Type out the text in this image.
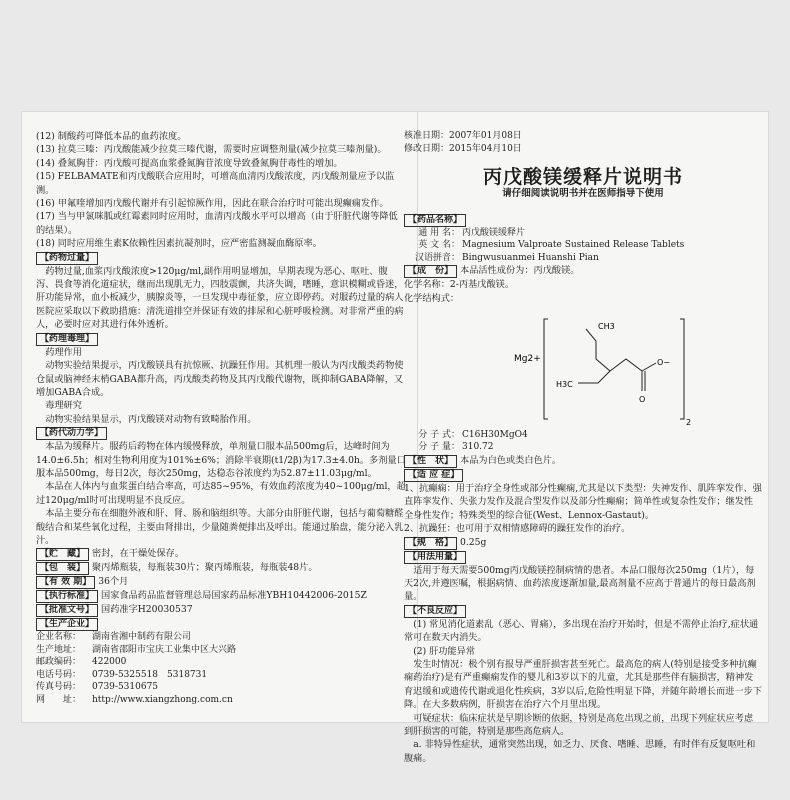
(12) 制酸药可降低本品的血药浓度。

(13) 拉莫三嗪：丙戊酸能减少拉莫三嗪代谢，需要时应调整剂量(减少拉莫三嗪剂量)。

(14) 叠氮胸苷：丙戊酸可提高血浆叠氮胸苷浓度导致叠氮胸苷毒性的增加。

(15) FELBAMATE和丙戊酸联合应用时，可增高血清丙戊酸浓度，丙戊酸剂量应予以监测。

(16) 甲氟喹增加丙戊酸代谢并有引起惊厥作用，因此在联合治疗时可能出现癫痫发作。

(17) 当与甲氯咪胍或红霉素同时应用时，血清丙戊酸水平可以增高（由于肝脏代谢等降低的结果）。

(18) 同时应用维生素K依赖性因素抗凝剂时，应严密监测凝血酶原率。

【药物过量】

药物过量,血浆丙戊酸浓度>120μg/ml,副作用明显增加，早期表现为恶心、呕吐、腹泻、畏食等消化道症状，继而出现肌无力，四肢震颤，共济失调，嗜睡，意识模糊或昏迷，肝功能异常，血小板减少，胰腺炎等，一旦发现中毒征象，应立即停药。对服药过量的病人医院应采取以下救助措施：清洗道排空并保证有效的排尿和心脏呼吸检测。对非常严重的病人，必要时应对其进行体外透析。

【药理毒理】

药理作用

动物实验结果提示，丙戊酸镁具有抗惊厥、抗躁狂作用。其机理一般认为丙戊酸类药物使仓鼠或脑神经末梢GABA都升高，丙戊酸类药物及其丙戊酸代谢物，既抑制GABA降解，又增加GABA合成。

毒理研究

动物实验结果显示，丙戊酸镁对动物有致畸胎作用。

【药代动力学】

本品为缓释片。服药后药物在体内缓慢释放，单剂量口服本品500mg后，达峰时间为14.0±6.5h；相对生物利用度为101%±6%；消除半衰期(t1/2β)为17.3±4.0h。多剂量口服本品500mg，每日2次，每次250mg，达稳态谷浓度约为52.87±11.03μg/ml。

本品在人体内与血浆蛋白结合率高，可达85~95%，有效血药浓度为40~100μg/ml，超过120μg/ml时可出现明显不良反应。

本品主要分布在细胞外液和肝、肾、肠和脑组织等。大部分由肝脏代谢，包括与葡萄糖醛酸结合和某些氧化过程，主要由肾排出，少量随粪便排出及呼出。能通过胎盘，能分泌入乳汁。

【贮　藏】 密封，在干燥处保存。

【包　装】 聚丙烯瓶装，每瓶装30片；聚丙烯瓶装，每瓶装48片。

【有 效 期】 36个月

【执行标准】 国家食品药品监督管理总局国家药品标准YBH10442006-2015Z

【批准文号】 国药准字H20030537

【生产企业】

企业名称：	湖南省湘中制药有限公司
生产地址：	湖南省邵阳市宝庆工业集中区大兴路
邮政编码：	422000
电话号码：	0739-5325518　5318731
传真号码：	0739-5310675
网　　址：	http://www.xiangzhong.com.cn
核准日期：2007年01月08日
修改日期：2015年04月10日
丙戊酸镁缓释片说明书
请仔细阅读说明书并在医师指导下使用
【药品名称】
通 用 名： 丙戊酸镁缓释片
英 文 名： Magnesium Valproate Sustained Release Tablets
汉语拼音： Bingwusuanmei Huanshi Pian
【成　份】 本品活性成份为：丙戊酸镁。
化学名称：2-丙基戊酸镁。
化学结构式：
Mg2+
2
CH3
H3C
O
O−
分 子 式： C16H30MgO4
分 子 量： 310.72
【性　状】 本品为白色或类白色片。
【适 应 症】

1、抗癫痫：用于治疗全身性或部分性癫痫,尤其是以下类型：失神发作、肌阵挛发作、强直阵挛发作、失张力发作及混合型发作以及部分性癫痫；简单性或复杂性发作；继发性全身性发作；特殊类型的综合征(West、Lennox-Gastaut)。

2、抗躁狂：也可用于双相情感障碍的躁狂发作的治疗。

【规　格】 0.25g
【用法用量】

适用于每天需要500mg丙戊酸镁控制病情的患者。本品口服每次250mg（1片），每天2次,并遵医嘱，根据病情、血药浓度逐渐加量,最高剂量不应高于普通片的每日最高剂量。

【不良反应】

(1) 常见消化道素乱（恶心、胃痛），多出现在治疗开始时，但是不需停止治疗,症状通常可在数天内消失。

(2) 肝功能异常

发生时情况：极个别有报导严重肝损害甚至死亡。最高危的病人(特别是接受多种抗癫痫药治疗)是有严重癫痫发作的婴儿和3岁以下的儿童，尤其是那些伴有脑损害，精神发育迟缓和或遗传代谢或退化性疾病，3岁以后,危险性明显下降，并随年龄增长而进一步下降。在大多数病例，肝损害在治疗六个月里出现。

可疑症状：临床症状是早期诊断的依据，特别是高危出现之前，出现下列症状应考虑到肝损害的可能，特别是那些高危病人。

a. 非特异性症状，通常突然出现，如乏力、厌食、嗜睡、思睡，有时伴有反复呕吐和腹痛。
